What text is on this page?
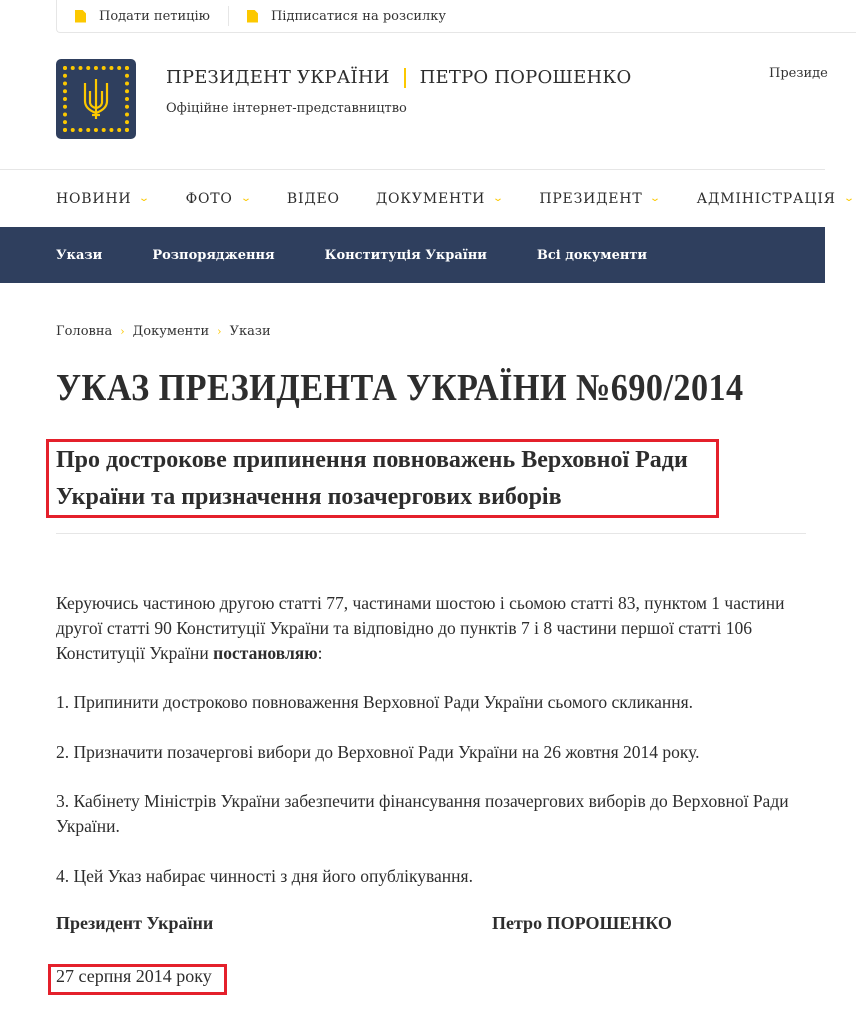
Подати петицію	Підписатися на розсилку
ПРЕЗИДЕНТ УКРАЇНИ ПЕТРО ПОРОШЕНКО
Офіційне інтернет-представництво
Президе
НОВИНИ ⌄ ФОТО ⌄ ВІДЕО	ДОКУМЕНТИ ⌄ ПРЕЗИДЕНТ ⌄ АДМІНІСТРАЦІЯ ⌄
Укази	Розпорядження	Конституція України	Всі документи
Головна › Документи › Укази
УКАЗ ПРЕЗИДЕНТА УКРАЇНИ №690/2014
Про дострокове припинення повноважень Верховної Ради України та призначення позачергових виборів

Керуючись частиною другою статті 77, частинами шостою і сьомою статті 83, пунктом 1 частини другої статті 90 Конституції України та відповідно до пунктів 7 і 8 частини першої статті 106 Конституції України постановляю:

1. Припинити достроково повноваження Верховної Ради України сьомого скликання.

2. Призначити позачергові вибори до Верховної Ради України на 26 жовтня 2014 року.

3. Кабінету Міністрів України забезпечити фінансування позачергових виборів до Верховної Ради України.

4. Цей Указ набирає чинності з дня його опублікування.

Президент України	Петро ПОРОШЕНКО
27 серпня 2014 року
